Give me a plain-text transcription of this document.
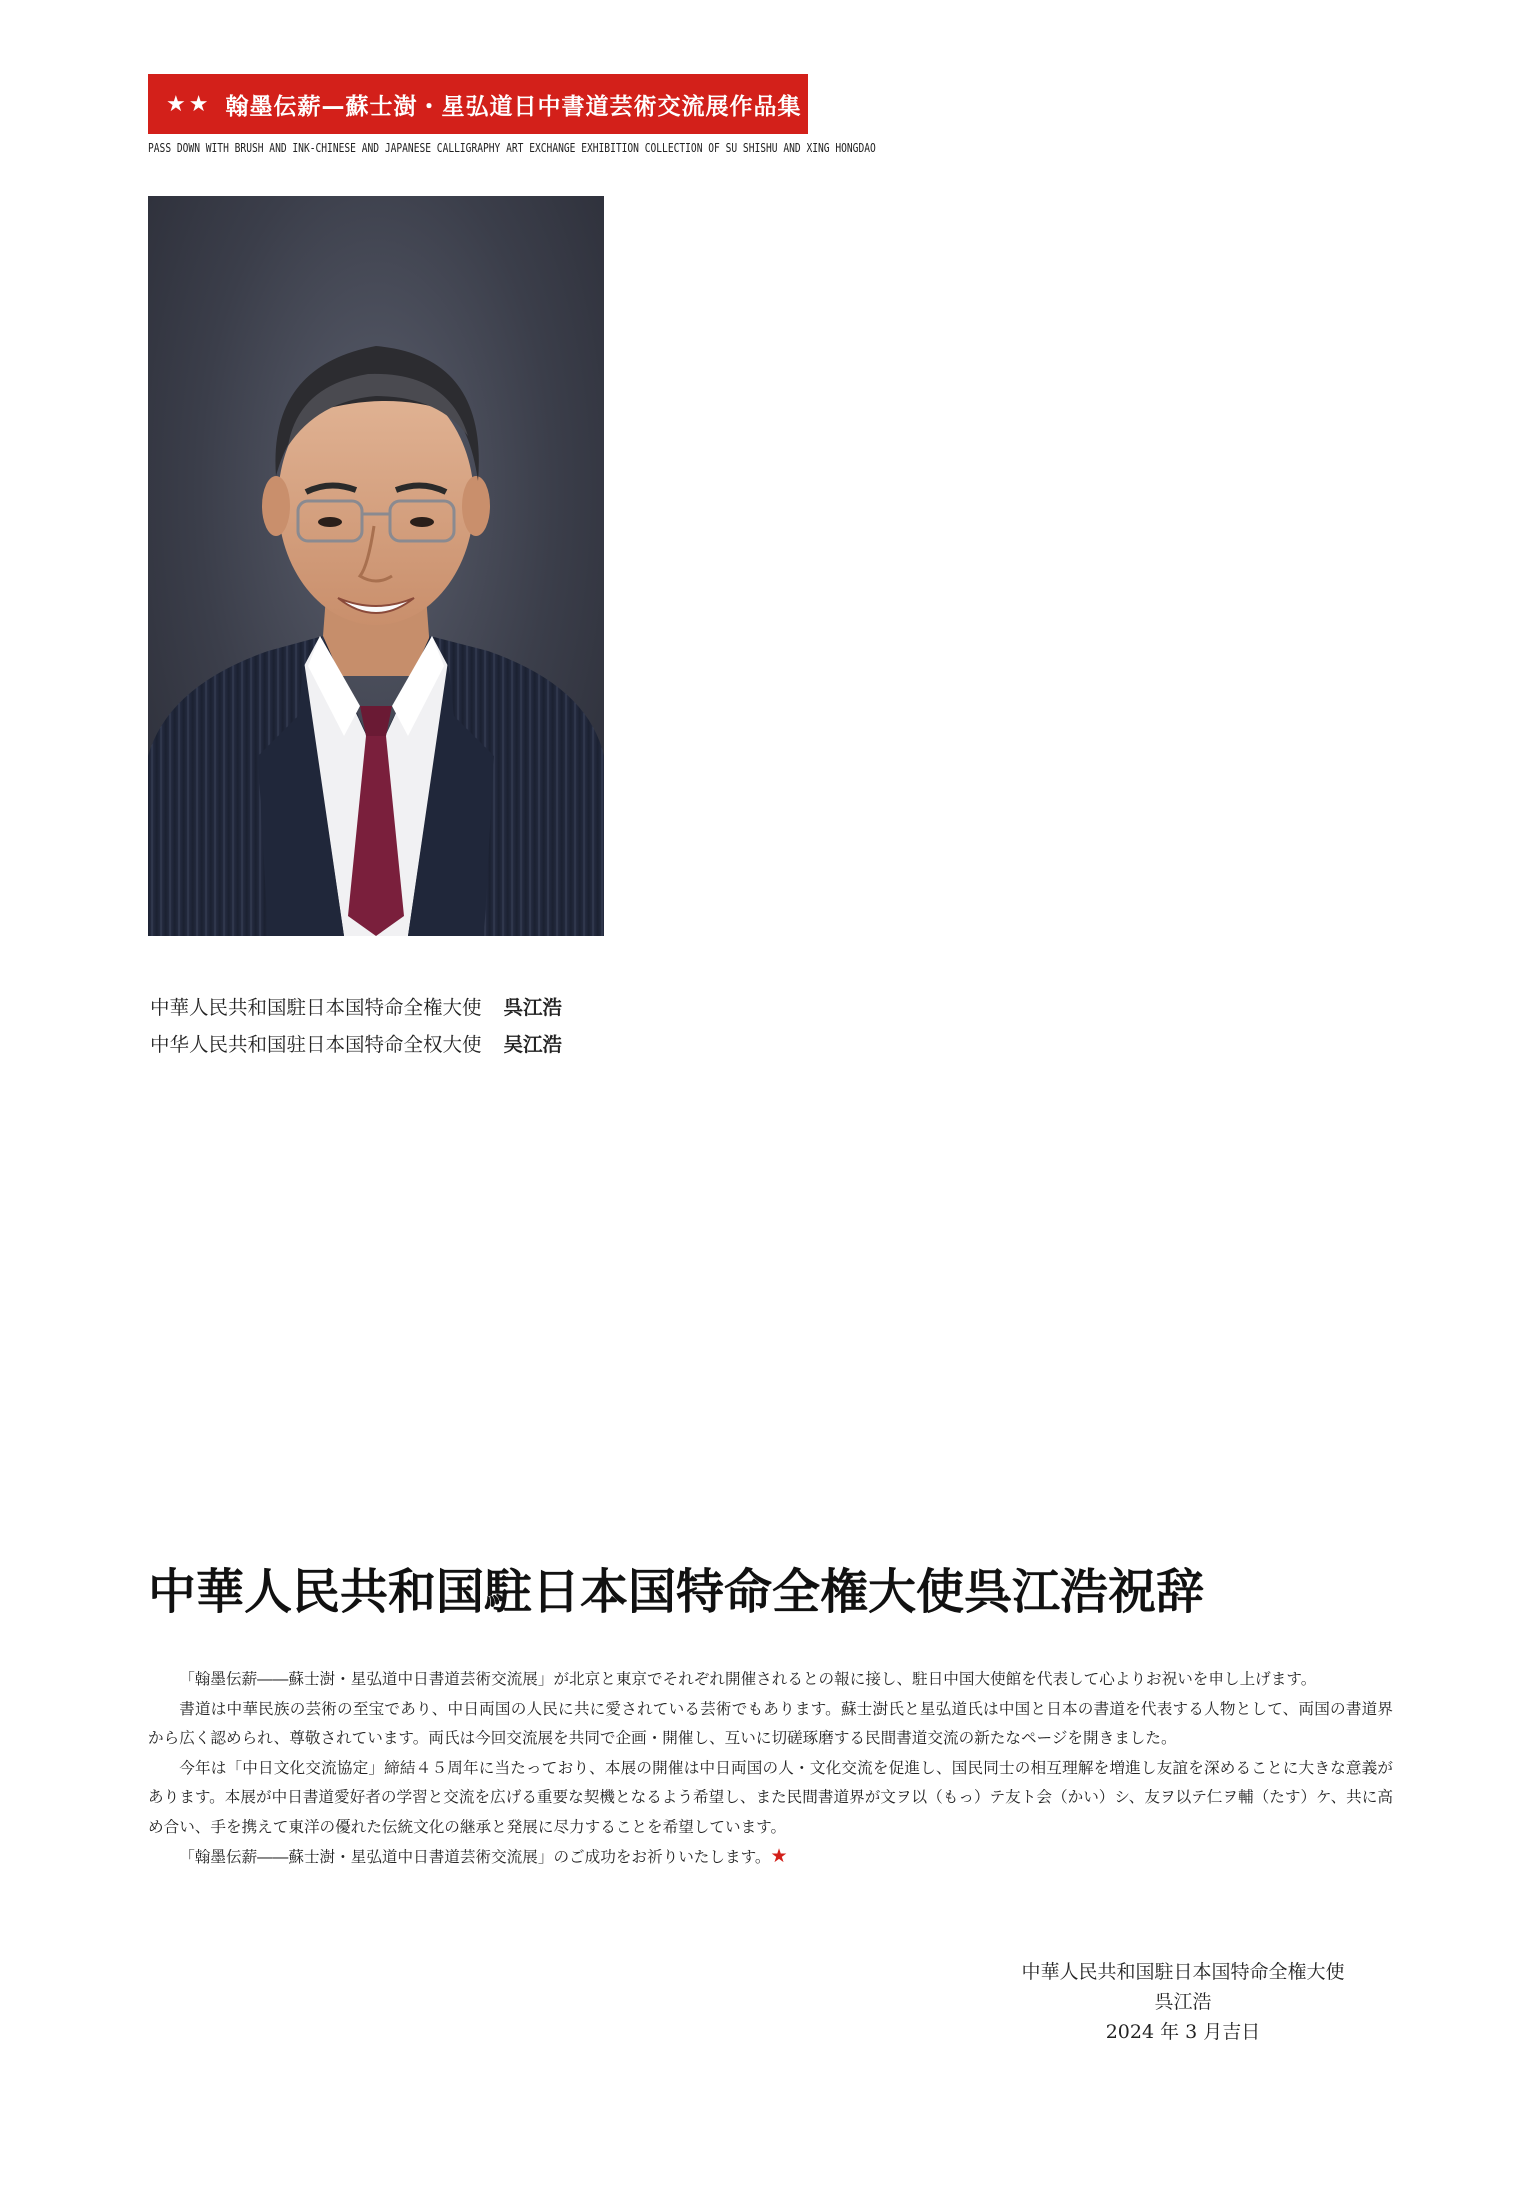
★★ 翰墨伝薪—蘇士澍・星弘道日中書道芸術交流展作品集
PASS DOWN WITH BRUSH AND INK-CHINESE AND JAPANESE CALLIGRAPHY ART EXCHANGE EXHIBITION COLLECTION OF SU SHISHU AND XING HONGDAO
中華人民共和国駐日本国特命全権大使 呉江浩
中华人民共和国驻日本国特命全权大使 吴江浩
中華人民共和国駐日本国特命全権大使呉江浩祝辞

「翰墨伝薪――蘇士澍・星弘道中日書道芸術交流展」が北京と東京でそれぞれ開催されるとの報に接し、駐日中国大使館を代表して心よりお祝いを申し上げます。

書道は中華民族の芸術の至宝であり、中日両国の人民に共に愛されている芸術でもあります。蘇士澍氏と星弘道氏は中国と日本の書道を代表する人物として、両国の書道界から広く認められ、尊敬されています。両氏は今回交流展を共同で企画・開催し、互いに切磋琢磨する民間書道交流の新たなページを開きました。

今年は「中日文化交流協定」締結４５周年に当たっており、本展の開催は中日両国の人・文化交流を促進し、国民同士の相互理解を増進し友誼を深めることに大きな意義があります。本展が中日書道愛好者の学習と交流を広げる重要な契機となるよう希望し、また民間書道界が文ヲ以（もっ）テ友ト会（かい）シ、友ヲ以テ仁ヲ輔（たす）ケ、共に高め合い、手を携えて東洋の優れた伝統文化の継承と発展に尽力することを希望しています。

「翰墨伝薪――蘇士澍・星弘道中日書道芸術交流展」のご成功をお祈りいたします。★

中華人民共和国駐日本国特命全権大使
呉江浩
2024 年 3 月吉日
